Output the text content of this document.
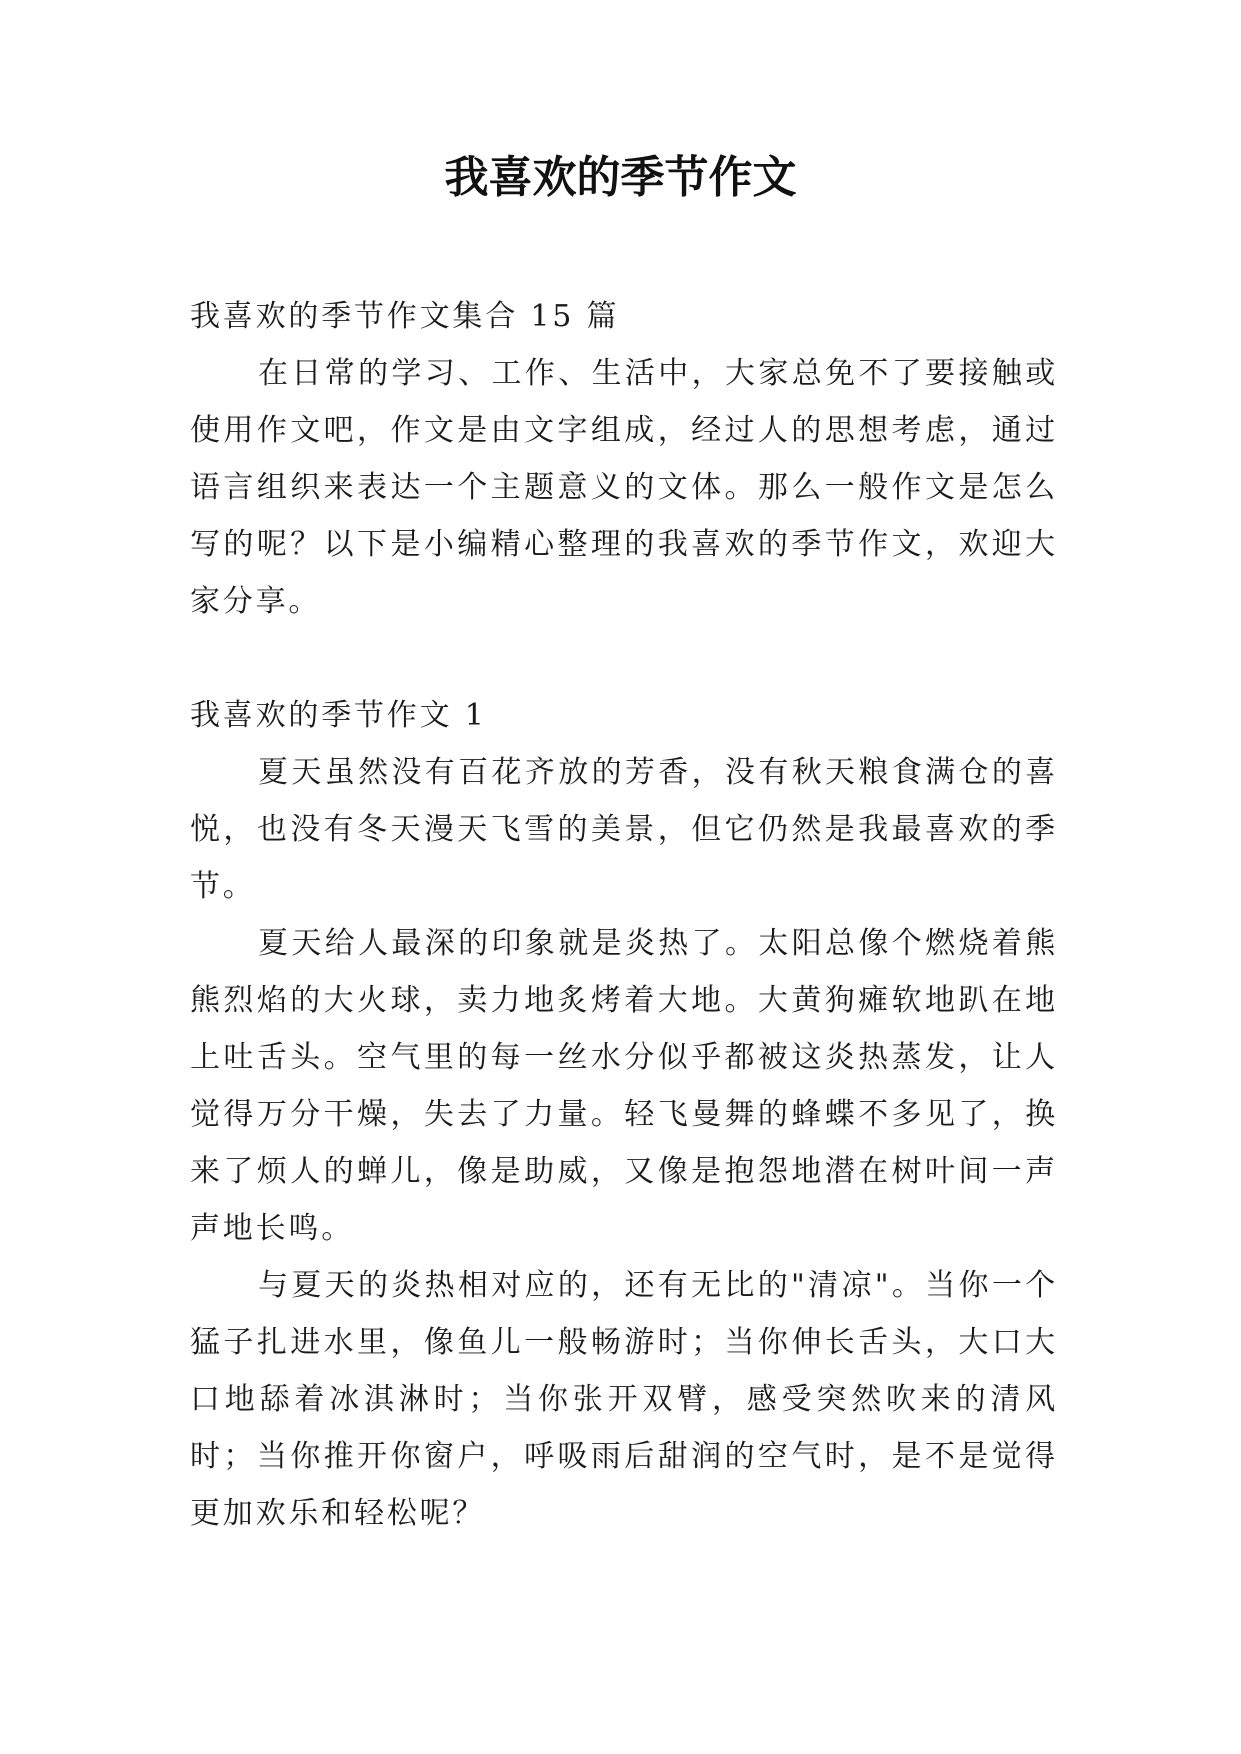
我喜欢的季节作文

我喜欢的季节作文集合 15 篇

在日常的学习、工作、生活中，大家总免不了要接触或使用作文吧，作文是由文字组成，经过人的思想考虑，通过语言组织来表达一个主题意义的文体。那么一般作文是怎么写的呢？以下是小编精心整理的我喜欢的季节作文，欢迎大家分享。

我喜欢的季节作文 1

夏天虽然没有百花齐放的芳香，没有秋天粮食满仓的喜悦，也没有冬天漫天飞雪的美景，但它仍然是我最喜欢的季节。

夏天给人最深的印象就是炎热了。太阳总像个燃烧着熊熊烈焰的大火球，卖力地炙烤着大地。大黄狗瘫软地趴在地上吐舌头。空气里的每一丝水分似乎都被这炎热蒸发，让人觉得万分干燥，失去了力量。轻飞曼舞的蜂蝶不多见了，换来了烦人的蝉儿，像是助威，又像是抱怨地潜在树叶间一声声地长鸣。

与夏天的炎热相对应的，还有无比的"清凉"。当你一个猛子扎进水里，像鱼儿一般畅游时；当你伸长舌头，大口大口地舔着冰淇淋时；当你张开双臂，感受突然吹来的清风时；当你推开你窗户，呼吸雨后甜润的空气时，是不是觉得更加欢乐和轻松呢？
